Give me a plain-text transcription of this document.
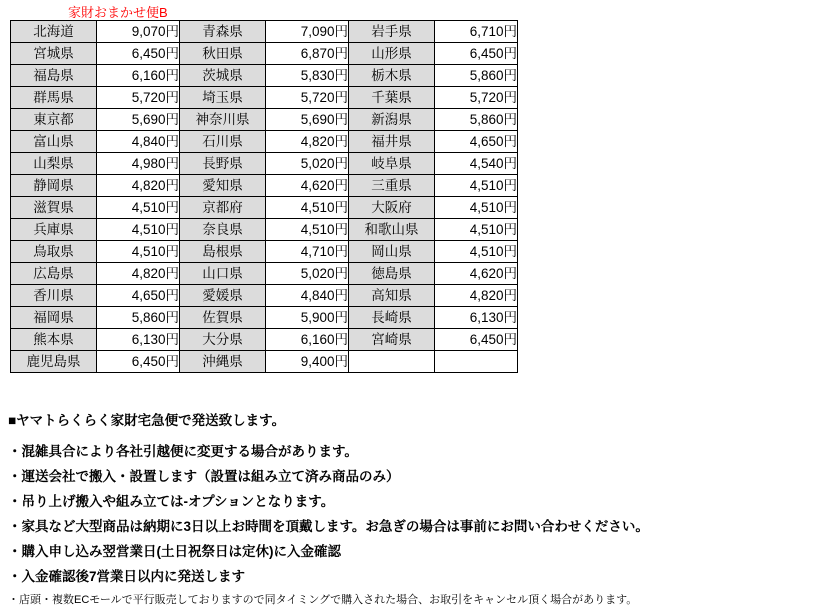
家財おまかせ便B
北海道	9,070円	青森県	7,090円	岩手県	6,710円
宮城県	6,450円	秋田県	6,870円	山形県	6,450円
福島県	6,160円	茨城県	5,830円	栃木県	5,860円
群馬県	5,720円	埼玉県	5,720円	千葉県	5,720円
東京都	5,690円	神奈川県	5,690円	新潟県	5,860円
富山県	4,840円	石川県	4,820円	福井県	4,650円
山梨県	4,980円	長野県	5,020円	岐阜県	4,540円
静岡県	4,820円	愛知県	4,620円	三重県	4,510円
滋賀県	4,510円	京都府	4,510円	大阪府	4,510円
兵庫県	4,510円	奈良県	4,510円	和歌山県	4,510円
鳥取県	4,510円	島根県	4,710円	岡山県	4,510円
広島県	4,820円	山口県	5,020円	徳島県	4,620円
香川県	4,650円	愛媛県	4,840円	高知県	4,820円
福岡県	5,860円	佐賀県	5,900円	長崎県	6,130円
熊本県	6,130円	大分県	6,160円	宮崎県	6,450円
鹿児島県	6,450円	沖縄県	9,400円		

■ヤマトらくらく家財宅急便で発送致します。

・混雑具合により各社引越便に変更する場合があります。

・運送会社で搬入・設置します（設置は組み立て済み商品のみ）

・吊り上げ搬入や組み立ては-オプションとなります。

・家具など大型商品は納期に3日以上お時間を頂戴します。お急ぎの場合は事前にお問い合わせください。

・購入申し込み翌営業日(土日祝祭日は定休)に入金確認

・入金確認後7営業日以内に発送します

・店頭・複数ECモールで平行販売しておりますので同タイミングで購入された場合、お取引をキャンセル頂く場合があります。
